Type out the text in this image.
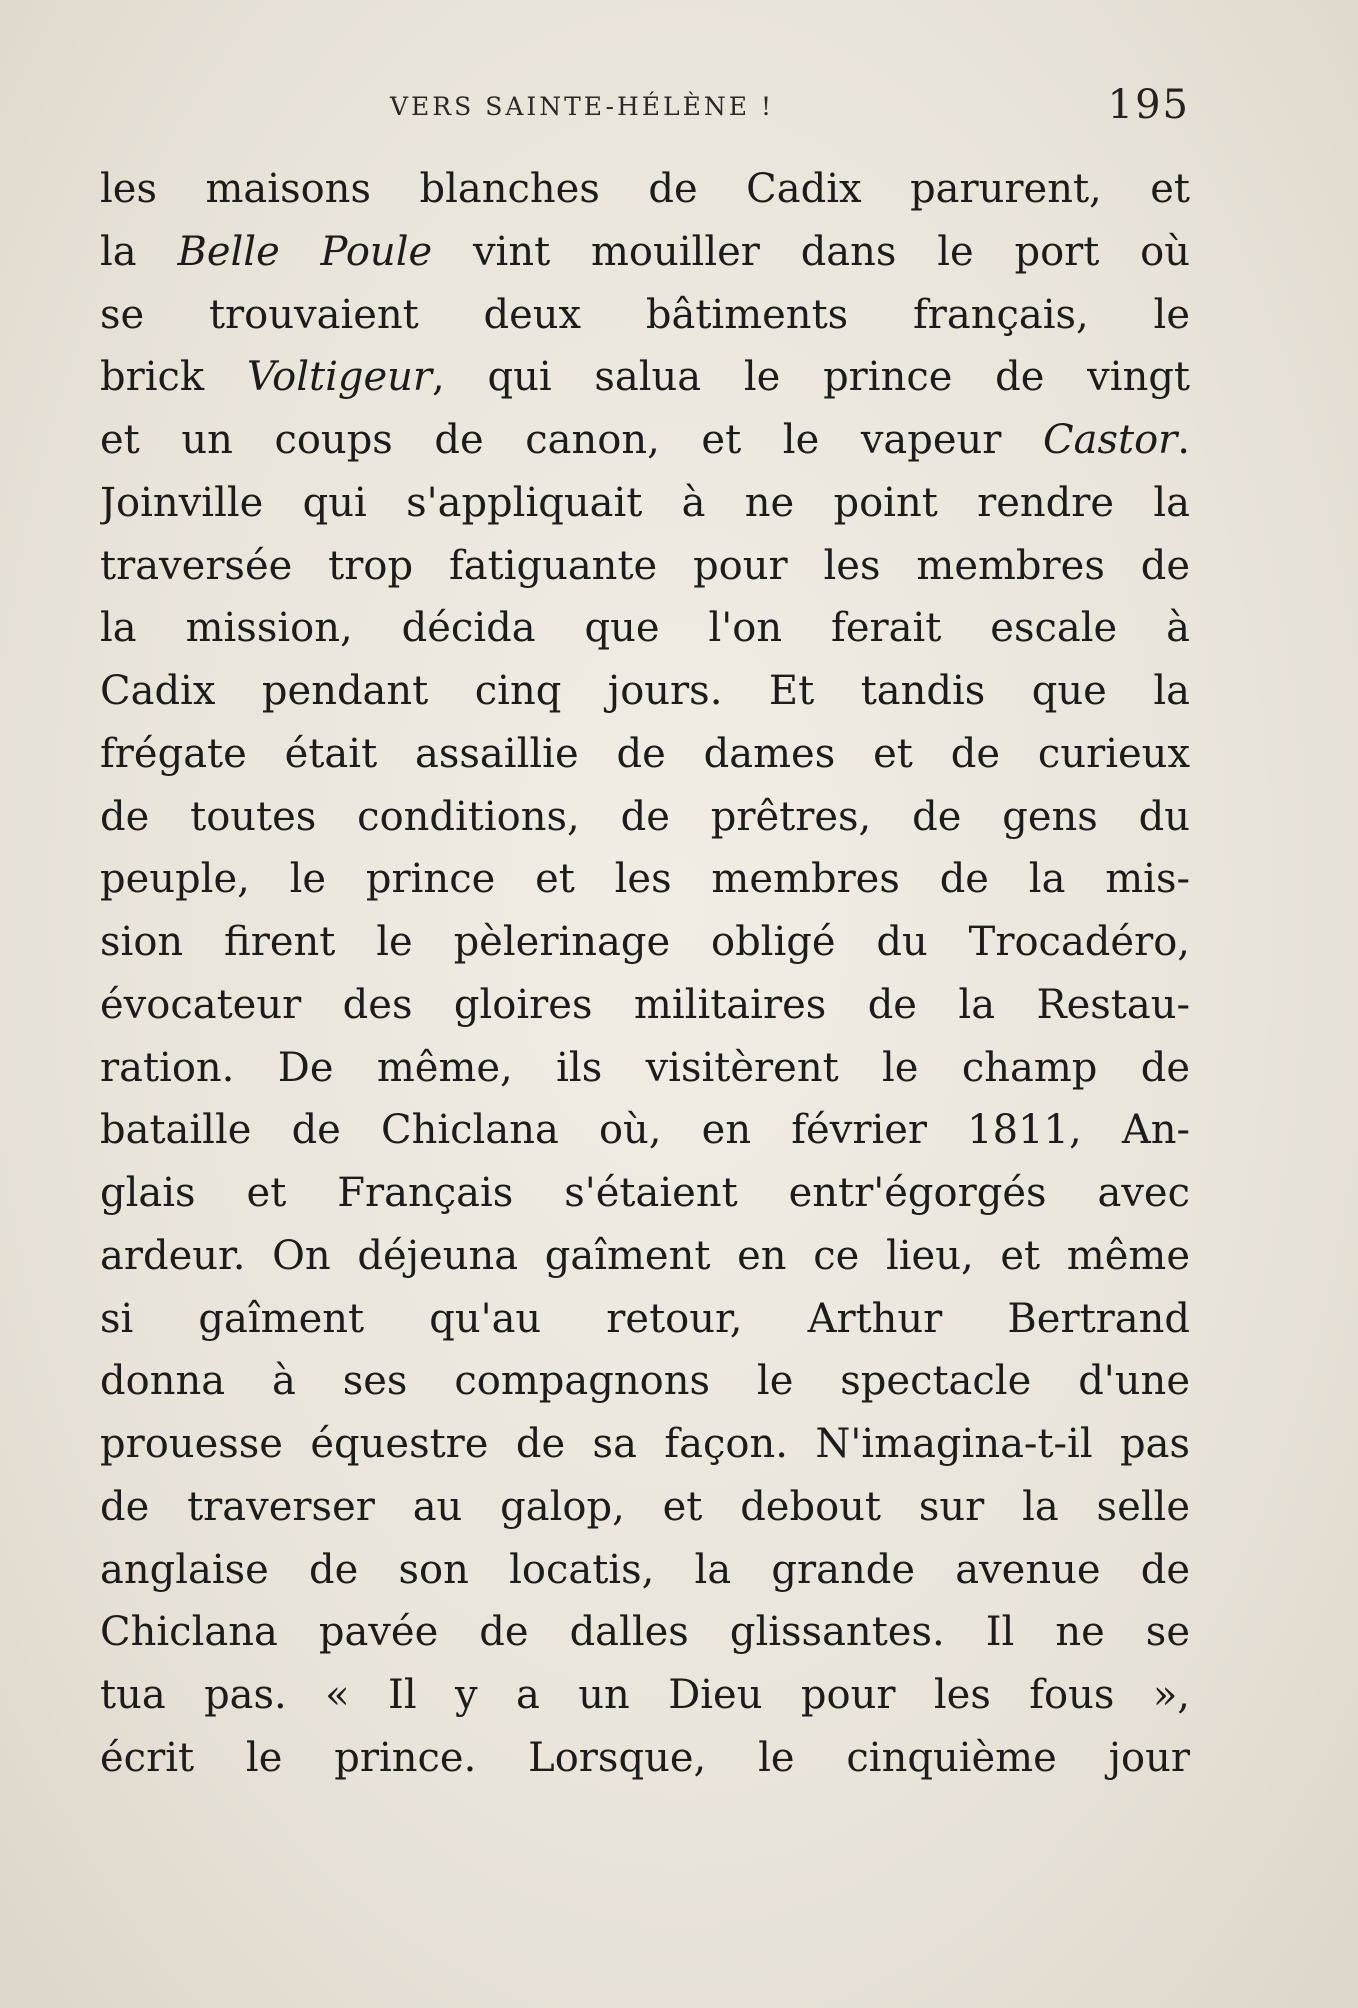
VERS SAINTE-HÉLÈNE !	195
les maisons blanches de Cadix parurent, et
la Belle Poule vint mouiller dans le port où
se trouvaient deux bâtiments français, le
brick Voltigeur, qui salua le prince de vingt
et un coups de canon, et le vapeur Castor.
Joinville qui s'appliquait à ne point rendre la
traversée trop fatiguante pour les membres de
la mission, décida que l'on ferait escale à
Cadix pendant cinq jours. Et tandis que la
frégate était assaillie de dames et de curieux
de toutes conditions, de prêtres, de gens du
peuple, le prince et les membres de la mis-
sion firent le pèlerinage obligé du Trocadéro,
évocateur des gloires militaires de la Restau-
ration. De même, ils visitèrent le champ de
bataille de Chiclana où, en février 1811, An-
glais et Français s'étaient entr'égorgés avec
ardeur. On déjeuna gaîment en ce lieu, et même
si gaîment qu'au retour, Arthur Bertrand
donna à ses compagnons le spectacle d'une
prouesse équestre de sa façon. N'imagina-t-il pas
de traverser au galop, et debout sur la selle
anglaise de son locatis, la grande avenue de
Chiclana pavée de dalles glissantes. Il ne se
tua pas. « Il y a un Dieu pour les fous »,
écrit le prince. Lorsque, le cinquième jour
